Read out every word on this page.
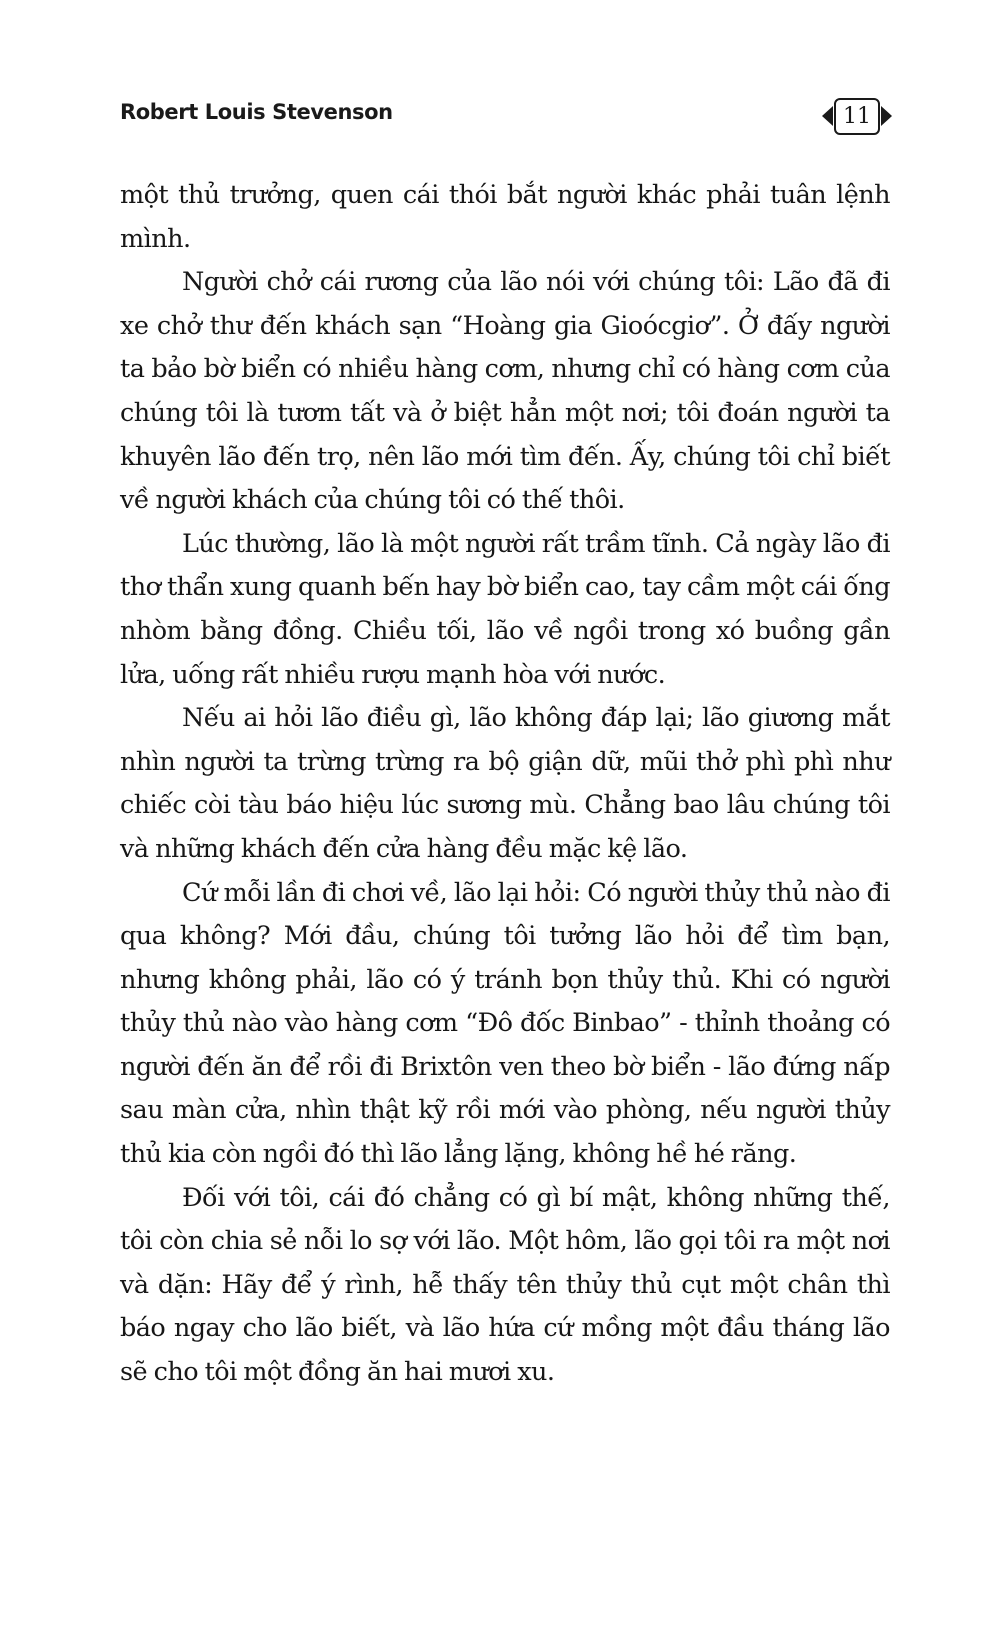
Robert Louis Stevenson	11

một thủ trưởng, quen cái thói bắt người khác phải tuân lệnh mình.

Người chở cái rương của lão nói với chúng tôi: Lão đã đi xe chở thư đến khách sạn “Hoàng gia Gioócgiơ”. Ở đấy người ta bảo bờ biển có nhiều hàng cơm, nhưng chỉ có hàng cơm của chúng tôi là tươm tất và ở biệt hẳn một nơi; tôi đoán người ta khuyên lão đến trọ, nên lão mới tìm đến. Ấy, chúng tôi chỉ biết về người khách của chúng tôi có thế thôi.

Lúc thường, lão là một người rất trầm tĩnh. Cả ngày lão đi thơ thẩn xung quanh bến hay bờ biển cao, tay cầm một cái ống nhòm bằng đồng. Chiều tối, lão về ngồi trong xó buồng gần lửa, uống rất nhiều rượu mạnh hòa với nước.

Nếu ai hỏi lão điều gì, lão không đáp lại; lão giương mắt nhìn người ta trừng trừng ra bộ giận dữ, mũi thở phì phì như chiếc còi tàu báo hiệu lúc sương mù. Chẳng bao lâu chúng tôi và những khách đến cửa hàng đều mặc kệ lão.

Cứ mỗi lần đi chơi về, lão lại hỏi: Có người thủy thủ nào đi qua không? Mới đầu, chúng tôi tưởng lão hỏi để tìm bạn, nhưng không phải, lão có ý tránh bọn thủy thủ. Khi có người thủy thủ nào vào hàng cơm “Đô đốc Binbao” - thỉnh thoảng có người đến ăn để rồi đi Brixtôn ven theo bờ biển - lão đứng nấp sau màn cửa, nhìn thật kỹ rồi mới vào phòng, nếu người thủy thủ kia còn ngồi đó thì lão lẳng lặng, không hề hé răng.

Đối với tôi, cái đó chẳng có gì bí mật, không những thế, tôi còn chia sẻ nỗi lo sợ với lão. Một hôm, lão gọi tôi ra một nơi và dặn: Hãy để ý rình, hễ thấy tên thủy thủ cụt một chân thì báo ngay cho lão biết, và lão hứa cứ mồng một đầu tháng lão sẽ cho tôi một đồng ăn hai mươi xu.
